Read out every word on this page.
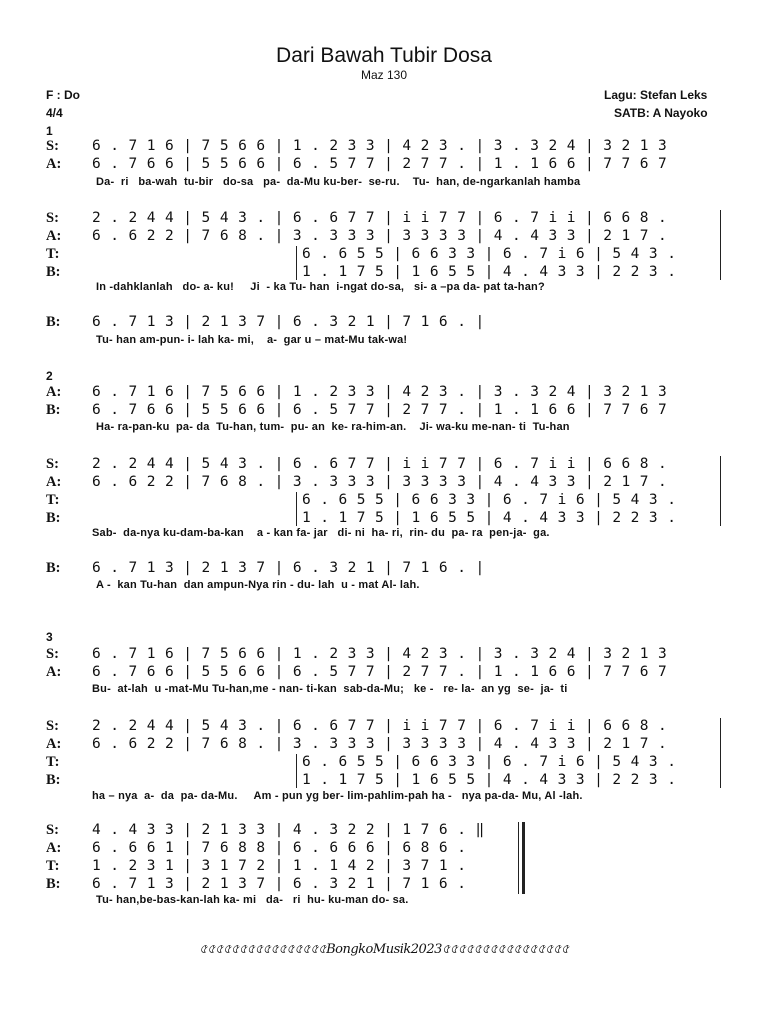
Dari Bawah Tubir Dosa
Maz 130
F : Do
4/4
Lagu: Stefan Leks
SATB: A Nayoko
1
2
3
S: 6 . 7 1 6 | 7 5 6 6 | 1 . 2 3 3 | 4 2 3 . | 3 . 3 2 4 | 3 2 1 3
A: 6 . 7 6 6 | 5 5 6 6 | 6 . 5 7 7 | 2 7 7 . | 1 . 1 6 6 | 7 7 6 7
Da-  ri   ba-wah  tu-bir   do-sa   pa-  da-Mu ku-ber-  se-ru.    Tu-  han, de-ngarkanlah hamba
S: 2 . 2 4 4 | 5 4 3 . | 6 . 6 7 7 | i i 7 7 | 6 . 7 i i | 6 6 8 .
A: 6 . 6 2 2 | 7 6 8 . | 3 . 3 3 3 | 3 3 3 3 | 4 . 4 3 3 | 2 1 7 .
T:	6 . 6 5 5 | 6 6 3 3 | 6 . 7 i 6 | 5 4 3 .
B:	1 . 1 7 5 | 1 6 5 5 | 4 . 4 3 3 | 2 2 3 .
In -dahklanlah   do- a- ku!     Ji  - ka Tu- han  i-ngat do-sa,   si- a –pa da- pat ta-han?
B: 6 . 7 1 3 | 2 1 3 7 | 6 . 3 2 1 | 7 1 6 . |
Tu- han am-pun- i- lah ka- mi,    a-  gar u – mat-Mu tak-wa!
A: 6 . 7 1 6 | 7 5 6 6 | 1 . 2 3 3 | 4 2 3 . | 3 . 3 2 4 | 3 2 1 3
B: 6 . 7 6 6 | 5 5 6 6 | 6 . 5 7 7 | 2 7 7 . | 1 . 1 6 6 | 7 7 6 7
Ha- ra-pan-ku  pa- da  Tu-han, tum-  pu- an  ke- ra-him-an.    Ji- wa-ku me-nan- ti  Tu-han
S: 2 . 2 4 4 | 5 4 3 . | 6 . 6 7 7 | i i 7 7 | 6 . 7 i i | 6 6 8 .
A: 6 . 6 2 2 | 7 6 8 . | 3 . 3 3 3 | 3 3 3 3 | 4 . 4 3 3 | 2 1 7 .
T:	6 . 6 5 5 | 6 6 3 3 | 6 . 7 i 6 | 5 4 3 .
B:	1 . 1 7 5 | 1 6 5 5 | 4 . 4 3 3 | 2 2 3 .
Sab-  da-nya ku-dam-ba-kan    a - kan fa- jar   di- ni  ha- ri,  rin- du  pa- ra  pen-ja-  ga.
B: 6 . 7 1 3 | 2 1 3 7 | 6 . 3 2 1 | 7 1 6 . |
A -  kan Tu-han  dan ampun-Nya rin - du- lah  u - mat Al- lah.
S: 6 . 7 1 6 | 7 5 6 6 | 1 . 2 3 3 | 4 2 3 . | 3 . 3 2 4 | 3 2 1 3
A: 6 . 7 6 6 | 5 5 6 6 | 6 . 5 7 7 | 2 7 7 . | 1 . 1 6 6 | 7 7 6 7
Bu-  at-lah  u -mat-Mu Tu-han,me - nan- ti-kan  sab-da-Mu;   ke -   re- la-  an yg  se-  ja-  ti
S: 2 . 2 4 4 | 5 4 3 . | 6 . 6 7 7 | i i 7 7 | 6 . 7 i i | 6 6 8 .
A: 6 . 6 2 2 | 7 6 8 . | 3 . 3 3 3 | 3 3 3 3 | 4 . 4 3 3 | 2 1 7 .
T:	6 . 6 5 5 | 6 6 3 3 | 6 . 7 i 6 | 5 4 3 .
B:	1 . 1 7 5 | 1 6 5 5 | 4 . 4 3 3 | 2 2 3 .
ha – nya  a-  da  pa- da-Mu.     Am - pun yg ber- lim-pahlim-pah ha -   nya pa-da- Mu, Al -lah.
S: 4 . 4 3 3 | 2 1 3 3 | 4 . 3 2 2 | 1 7 6 . ‖
A: 6 . 6 6 1 | 7 6 8 8 | 6 . 6 6 6 | 6 8 6 .
T: 1 . 2 3 1 | 3 1 7 2 | 1 . 1 4 2 | 3 7 1 .
B: 6 . 7 1 3 | 2 1 3 7 | 6 . 3 2 1 | 7 1 6 .
Tu- han,be-bas-kan-lah ka- mi   da-   ri  hu- ku-man do- sa.
৫৫৫৫৫৫৫৫৫৫৫৫৫৫৫৫BongkoMusik2023৫৫৫৫৫৫৫৫৫৫৫৫৫৫৫৫
